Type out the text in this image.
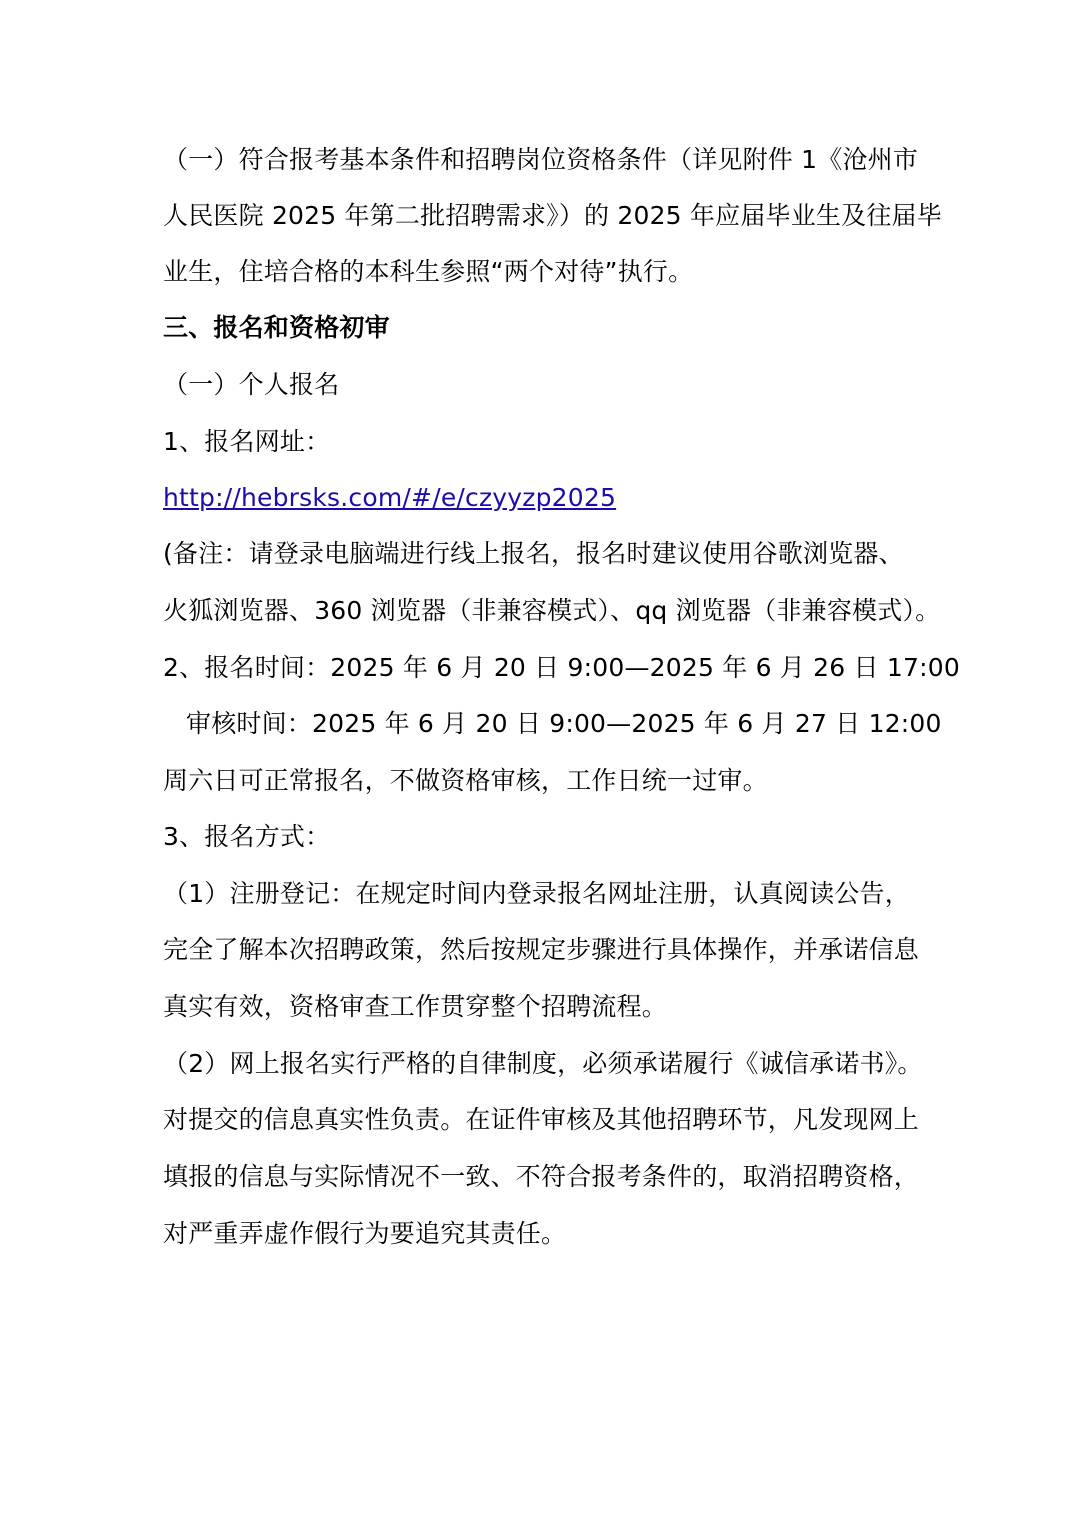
（一）符合报考基本条件和招聘岗位资格条件（详见附件 1《沧州市
人民医院 2025 年第二批招聘需求》）的 2025 年应届毕业生及往届毕
业生，住培合格的本科生参照“两个对待”执行。
三、报名和资格初审
（一）个人报名
1、报名网址：
http://hebrsks.com/#/e/czyyzp2025
(备注：请登录电脑端进行线上报名，报名时建议使用谷歌浏览器、
火狐浏览器、360 浏览器（非兼容模式）、qq 浏览器（非兼容模式）。
2、报名时间：2025 年 6 月 20 日 9:00—2025 年 6 月 26 日 17:00
审核时间：2025 年 6 月 20 日 9:00—2025 年 6 月 27 日 12:00
周六日可正常报名，不做资格审核，工作日统一过审。
3、报名方式：
（1）注册登记：在规定时间内登录报名网址注册，认真阅读公告，
完全了解本次招聘政策，然后按规定步骤进行具体操作，并承诺信息
真实有效，资格审查工作贯穿整个招聘流程。
（2）网上报名实行严格的自律制度，必须承诺履行《诚信承诺书》。
对提交的信息真实性负责。在证件审核及其他招聘环节，凡发现网上
填报的信息与实际情况不一致、不符合报考条件的，取消招聘资格，
对严重弄虚作假行为要追究其责任。
